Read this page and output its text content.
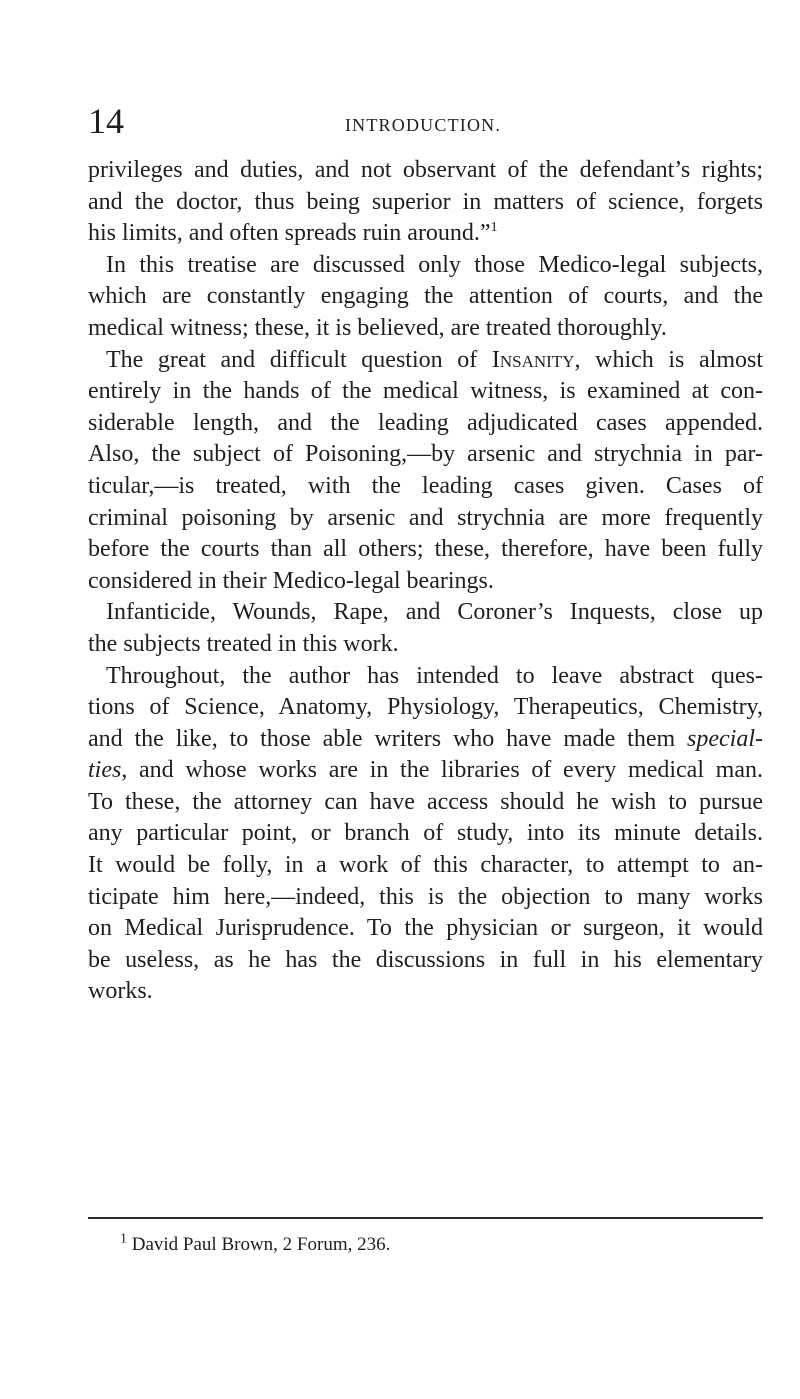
14	INTRODUCTION.
privileges and duties, and not observant of the defendant’s rights;
and the doctor, thus being superior in matters of science, forgets
his limits, and often spreads ruin around.”$^1$
In this treatise are discussed only those Medico-legal subjects,
which are constantly engaging the attention of courts, and the
medical witness; these, it is believed, are treated thoroughly.
The great and difficult question of Insanity, which is almost
entirely in the hands of the medical witness, is examined at con-
siderable length, and the leading adjudicated cases appended.
Also, the subject of Poisoning,—by arsenic and strychnia in par-
ticular,—is treated, with the leading cases given. Cases of
criminal poisoning by arsenic and strychnia are more frequently
before the courts than all others; these, therefore, have been fully
considered in their Medico-legal bearings.
Infanticide, Wounds, Rape, and Coroner’s Inquests, close up
the subjects treated in this work.
Throughout, the author has intended to leave abstract ques-
tions of Science, Anatomy, Physiology, Therapeutics, Chemistry,
and the like, to those able writers who have made them special-
ties, and whose works are in the libraries of every medical man.
To these, the attorney can have access should he wish to pursue
any particular point, or branch of study, into its minute details.
It would be folly, in a work of this character, to attempt to an-
ticipate him here,—indeed, this is the objection to many works
on Medical Jurisprudence. To the physician or surgeon, it would
be useless, as he has the discussions in full in his elementary
works.
$^1$ David Paul Brown, 2 Forum, 236.
